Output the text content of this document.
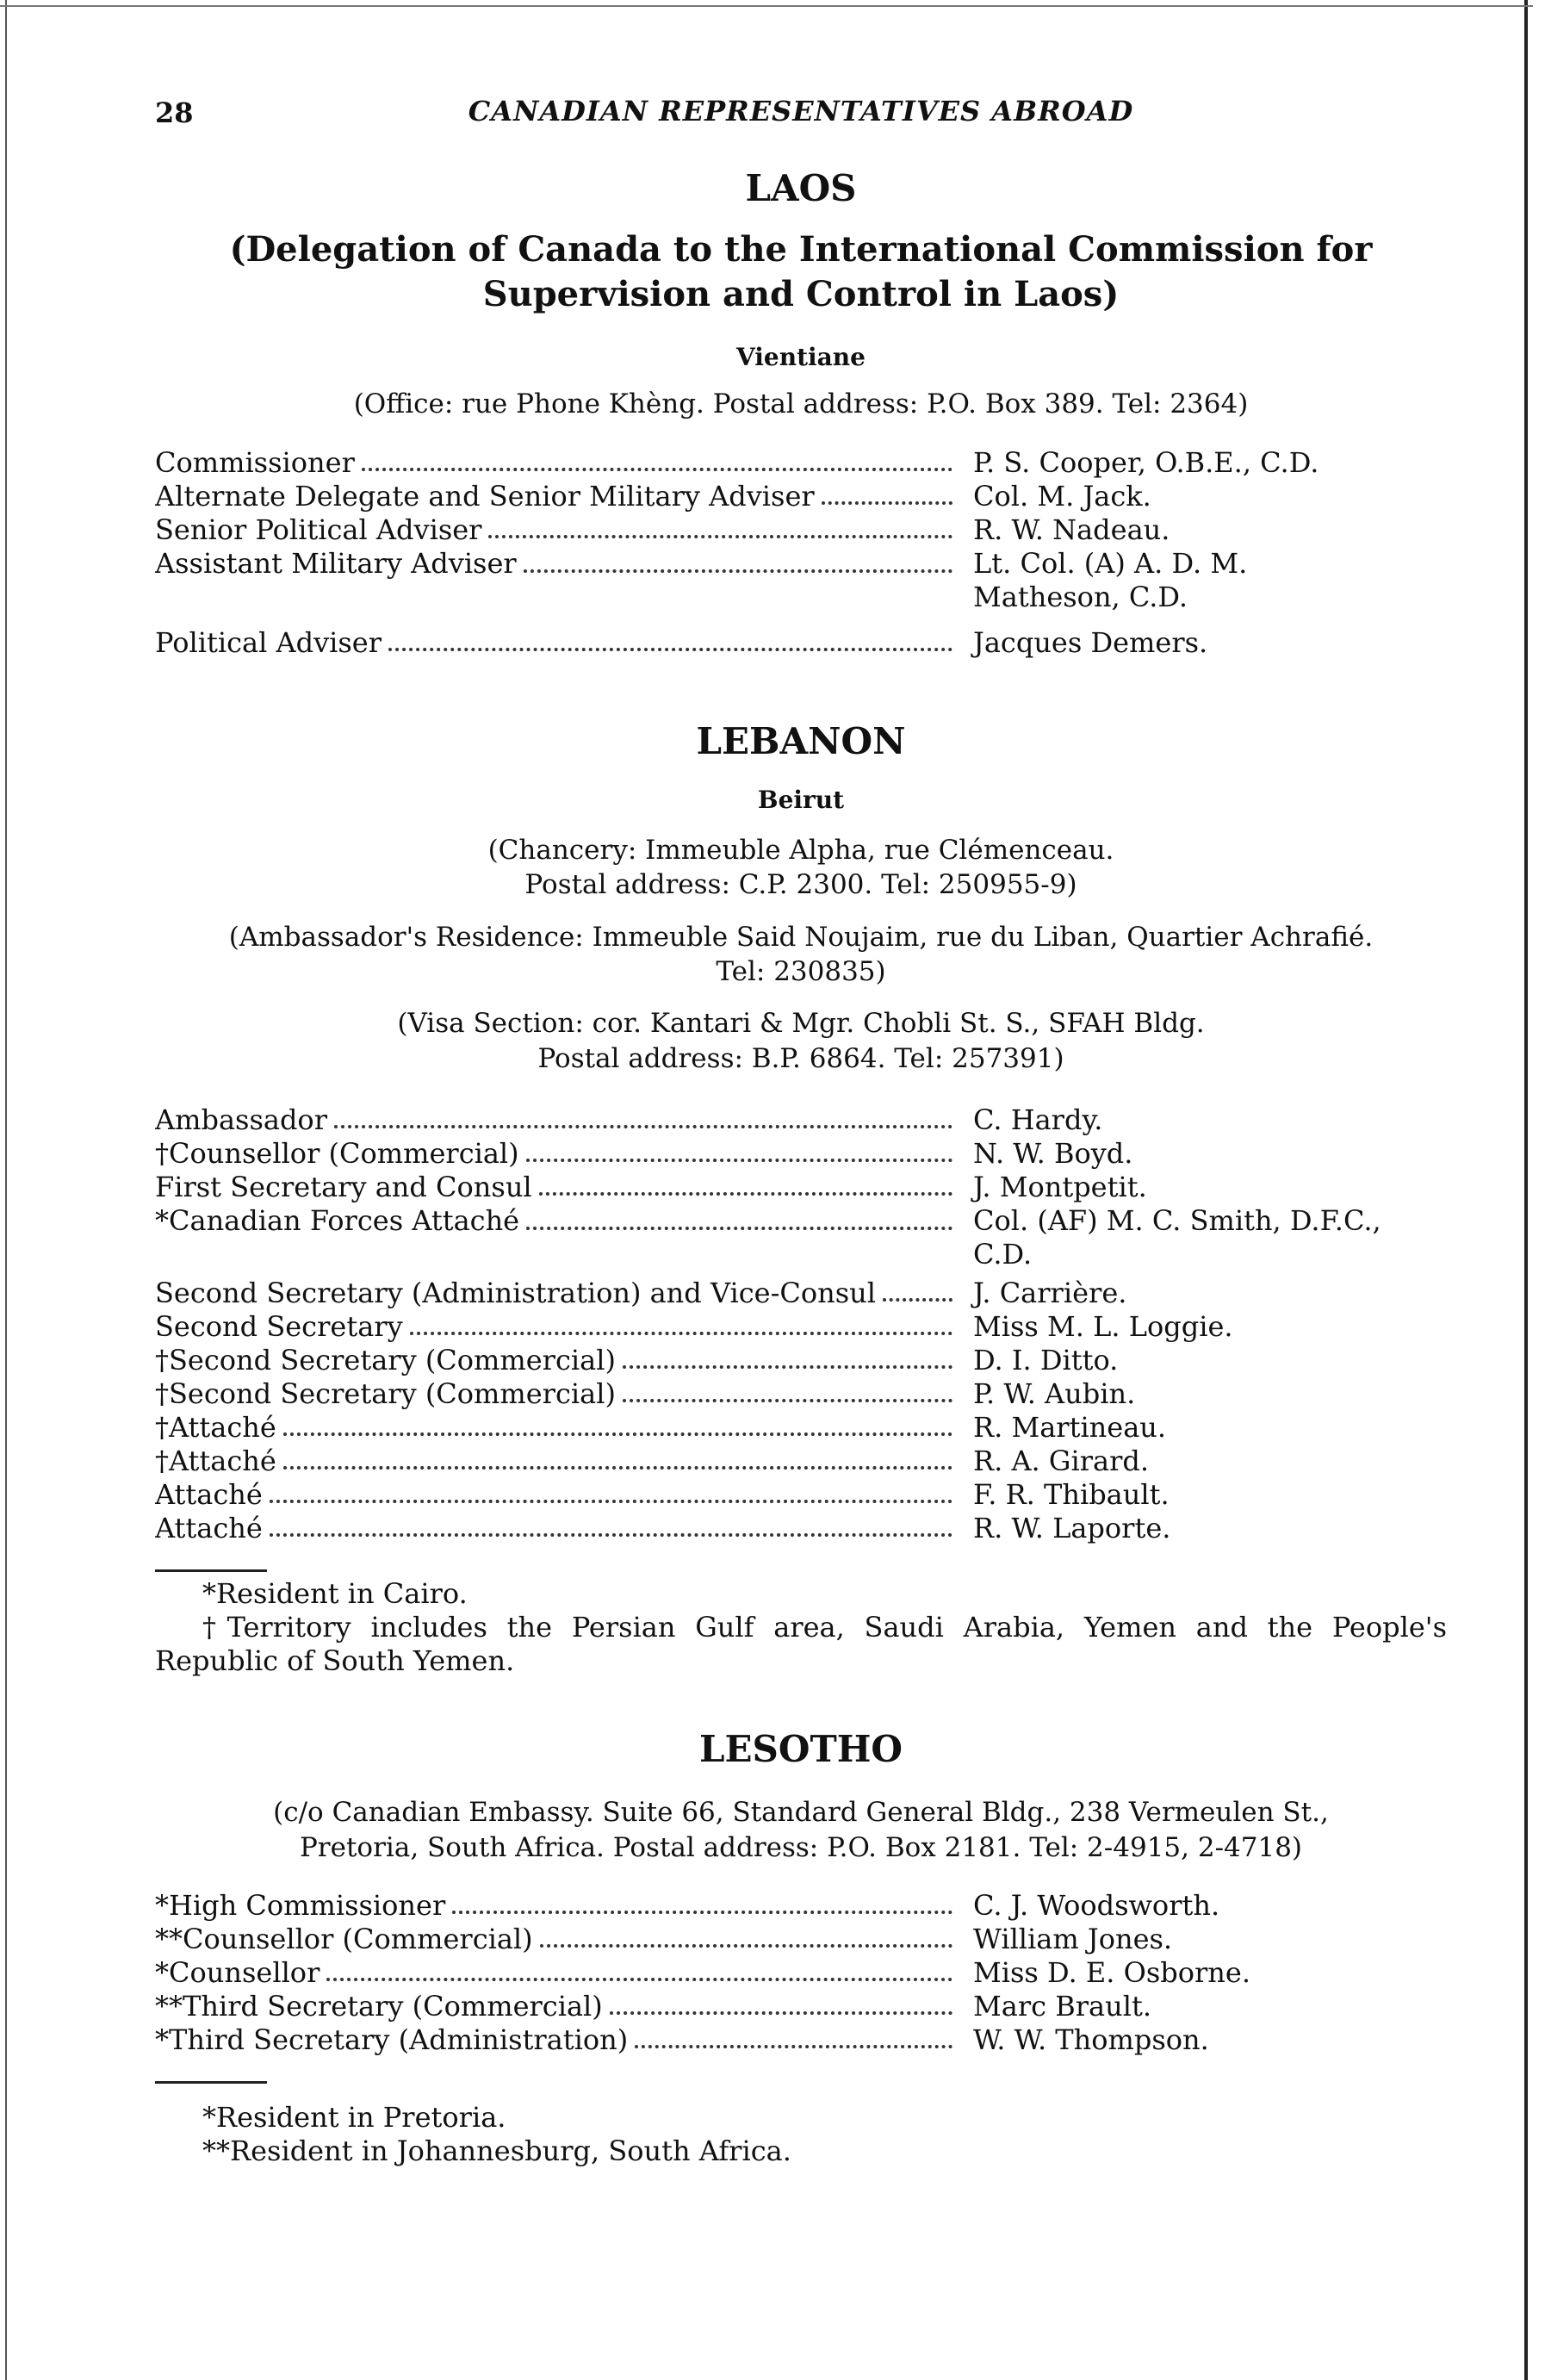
28	CANADIAN REPRESENTATIVES ABROAD
LAOS

(Delegation of Canada to the International Commission for Supervision and Control in Laos)

Vientiane

(Office: rue Phone Khèng. Postal address: P.O. Box 389. Tel: 2364)

Commissioner	P. S. Cooper, O.B.E., C.D.
Alternate Delegate and Senior Military Adviser	Col. M. Jack.
Senior Political Adviser	R. W. Nadeau.
Assistant Military Adviser	Lt. Col. (A) A. D. M. Matheson, C.D.
Political Adviser	Jacques Demers.
LEBANON

Beirut

(Chancery: Immeuble Alpha, rue Clémenceau.
Postal address: C.P. 2300. Tel: 250955-9)

(Ambassador's Residence: Immeuble Said Noujaim, rue du Liban, Quartier Achrafié.
Tel: 230835)

(Visa Section: cor. Kantari & Mgr. Chobli St. S., SFAH Bldg.
Postal address: B.P. 6864. Tel: 257391)

Ambassador	C. Hardy.
†Counsellor (Commercial)	N. W. Boyd.
First Secretary and Consul	J. Montpetit.
*Canadian Forces Attaché	Col. (AF) M. C. Smith, D.F.C., C.D.
Second Secretary (Administration) and Vice-Consul	J. Carrière.
Second Secretary	Miss M. L. Loggie.
†Second Secretary (Commercial)	D. I. Ditto.
†Second Secretary (Commercial)	P. W. Aubin.
†Attaché	R. Martineau.
†Attaché	R. A. Girard.
Attaché	F. R. Thibault.
Attaché	R. W. Laporte.

*Resident in Cairo.

†Territory includes the Persian Gulf area, Saudi Arabia, Yemen and the People's Republic of South Yemen.

LESOTHO

(c/o Canadian Embassy. Suite 66, Standard General Bldg., 238 Vermeulen St.,
Pretoria, South Africa. Postal address: P.O. Box 2181. Tel: 2-4915, 2-4718)

*High Commissioner	C. J. Woodsworth.
**Counsellor (Commercial)	William Jones.
*Counsellor	Miss D. E. Osborne.
**Third Secretary (Commercial)	Marc Brault.
*Third Secretary (Administration)	W. W. Thompson.

*Resident in Pretoria.

**Resident in Johannesburg, South Africa.
